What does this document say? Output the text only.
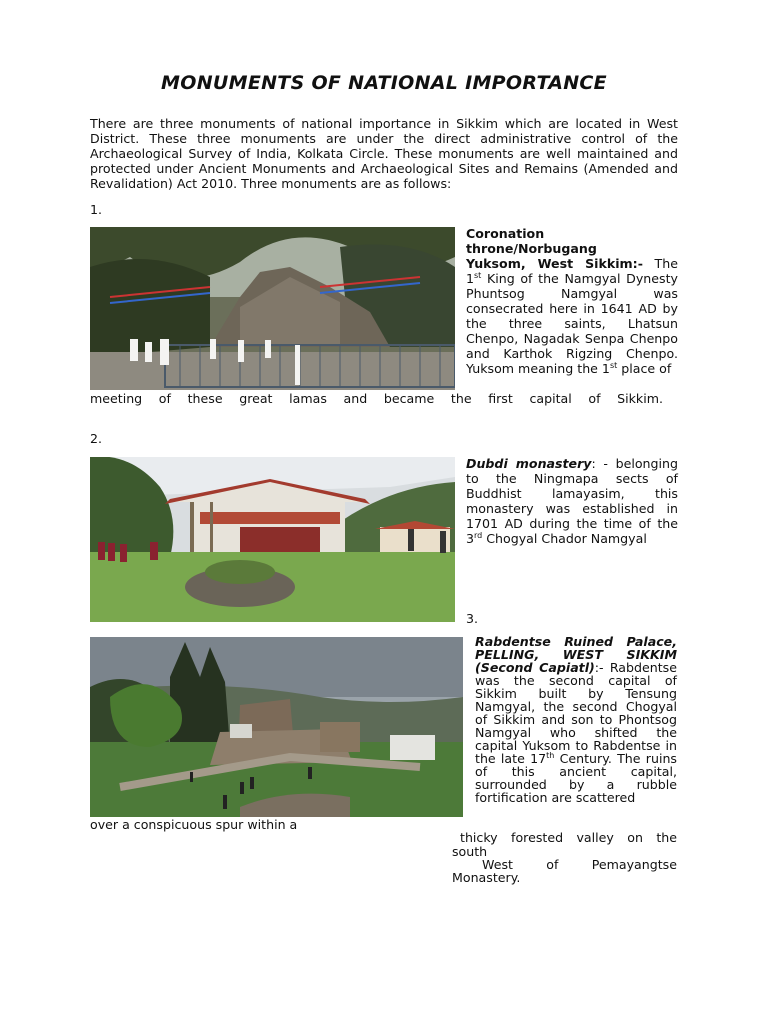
MONUMENTS OF NATIONAL IMPORTANCE
There are three monuments of national importance in Sikkim which are located in West District. These three monuments are under the direct administrative control of the Archaeological Survey of India, Kolkata Circle. These monuments are well maintained and protected under Ancient Monuments and Archaeological Sites and Remains (Amended and Revalidation) Act 2010. Three monuments are as follows:
1.
Coronation
throne/Norbugang
Yuksom, West Sikkim:- The
1st King of the Namgyal Dynesty Phuntsog Namgyal was consecrated here in 1641 AD by the three saints, Lhatsun Chenpo, Nagadak Senpa Chenpo and Karthok Rigzing Chenpo. Yuksom meaning the 1st place of
meeting of these great lamas and became the first capital of Sikkim.
2.
Dubdi monastery: - belonging to the Ningmapa sects of Buddhist lamayasim, this monastery was established in 1701 AD during the time of the 3rd Chogyal Chador Namgyal
3.
Rabdentse Ruined Palace, PELLING, WEST SIKKIM (Second Capiatl):- Rabdentse was the second capital of Sikkim built by Tensung Namgyal, the second Chogyal of Sikkim and son to Phontsog Namgyal who shifted the capital Yuksom to Rabdentse in the late 17th Century. The ruins of this ancient capital, surrounded by a rubble fortification are scattered
over a conspicuous spur within a
thicky forested valley on the
south
West of Pemayangtse
Monastery.
